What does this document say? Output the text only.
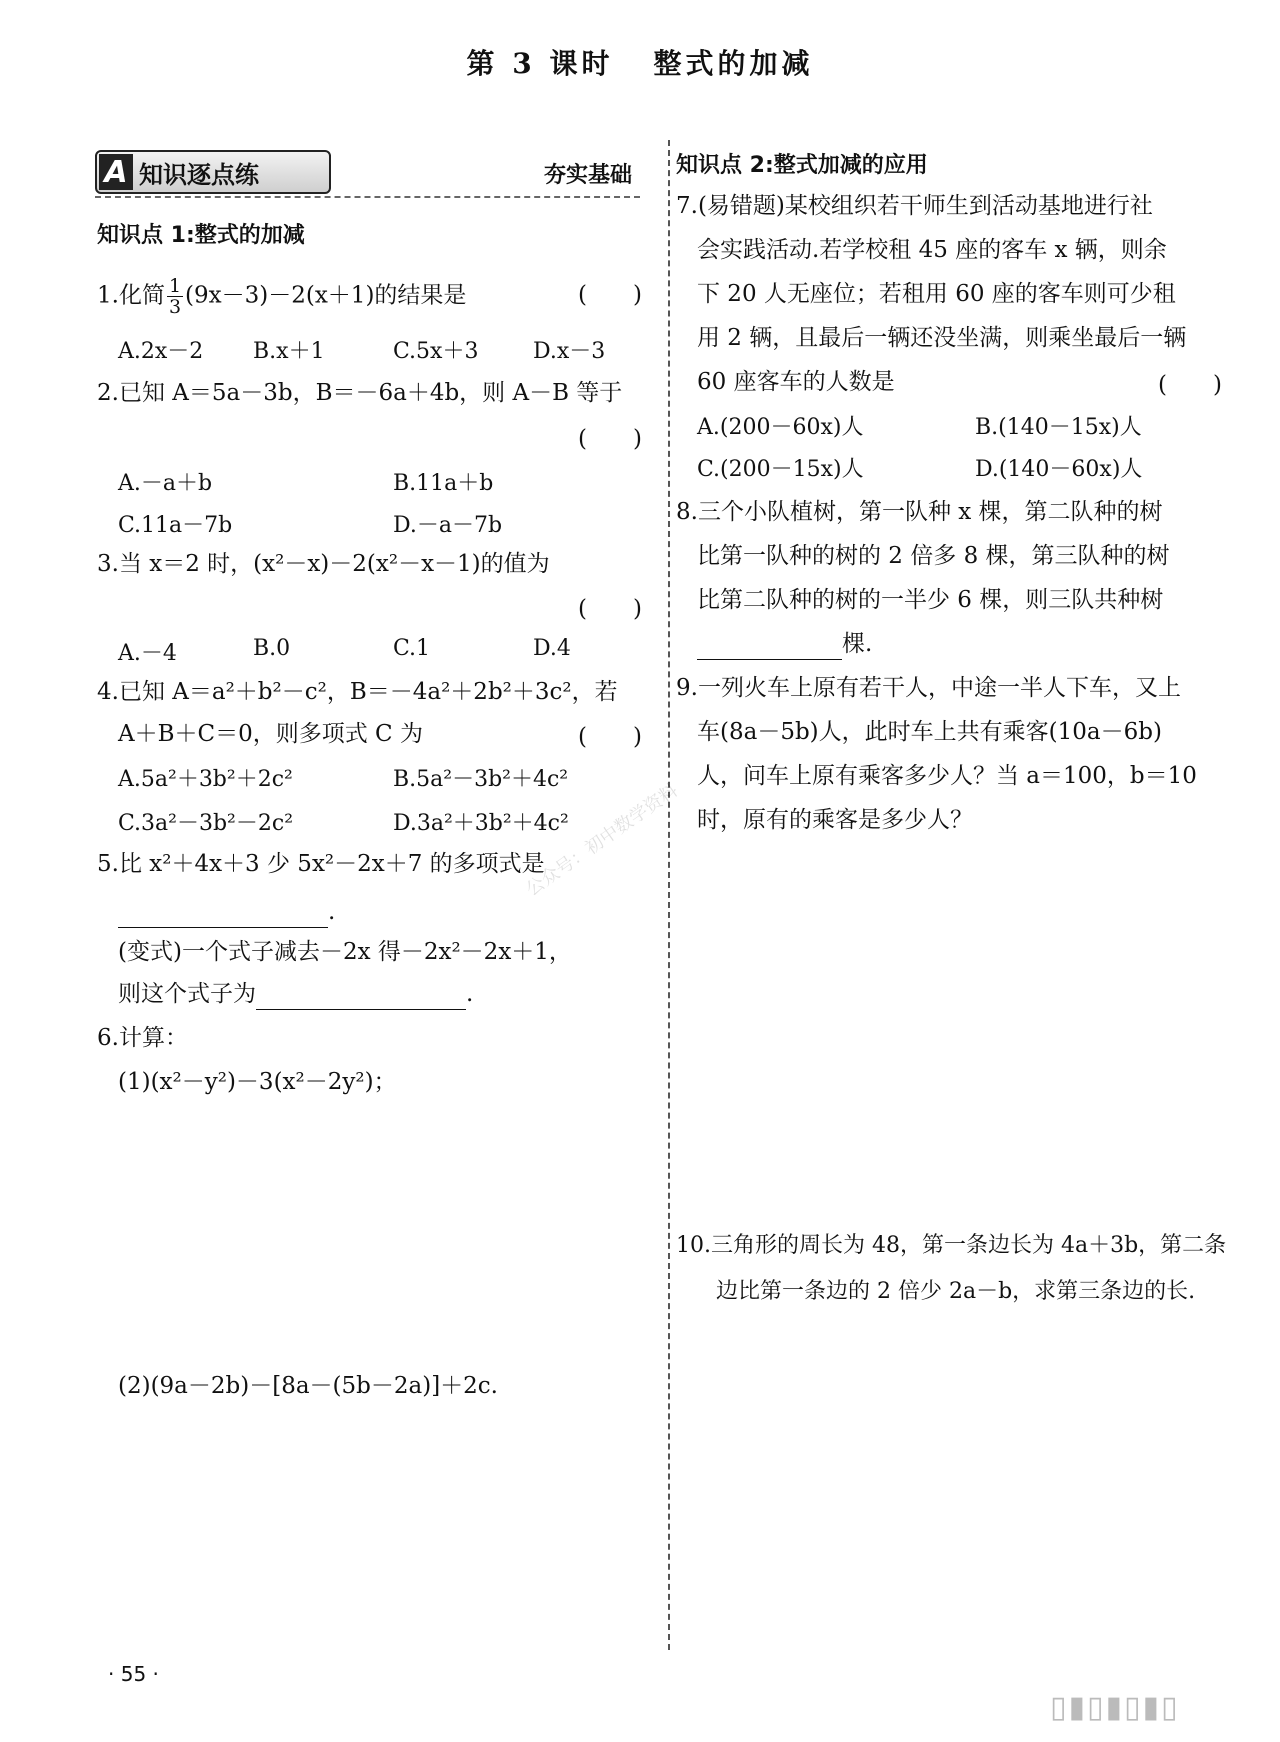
第 3 课时 整式的加减
A 知识逐点练	夯实基础
知识点 1:整式的加减
1.化简 $\frac{1}{3} (9x-3)-2(x+1)$的结果是	(　　)
A.2x－2 B.x＋1	C.5x＋3 D.x－3
2.已知 A＝5a－3b，B＝－6a＋4b，则 A－B 等于
(　　)
A.－a＋b	B.11a＋b
C.11a－7b	D.－a－7b
3.当 x＝2 时，(x²－x)－2(x²－x－1)的值为
(　　)
A.－4	B.0	C.1	D.4
4.已知 A＝a²＋b²－c²，B＝－4a²＋2b²＋3c²，若
A＋B＋C＝0，则多项式 C 为	(　　)
A.5a²＋3b²＋2c²	B.5a²－3b²＋4c²
C.3a²－3b²－2c²	D.3a²＋3b²＋4c²
5.比 x²＋4x＋3 少 5x²－2x＋7 的多项式是
.
(变式)一个式子减去－2x 得－2x²－2x＋1，
则这个式子为	.
6.计算：
(1)(x²－y²)－3(x²－2y²)；
(2)(9a－2b)－[8a－(5b－2a)]＋2c.
知识点 2:整式加减的应用
7.(易错题)某校组织若干师生到活动基地进行社
会实践活动.若学校租 45 座的客车 x 辆，则余
下 20 人无座位；若租用 60 座的客车则可少租
用 2 辆，且最后一辆还没坐满，则乘坐最后一辆
60 座客车的人数是	(　　)
A.(200－60x)人	B.(140－15x)人
C.(200－15x)人	D.(140－60x)人
8.三个小队植树，第一队种 x 棵，第二队种的树
比第一队种的树的 2 倍多 8 棵，第三队种的树
比第二队种的树的一半少 6 棵，则三队共种树
棵.
9.一列火车上原有若干人，中途一半人下车，又上
车(8a－5b)人，此时车上共有乘客(10a－6b)
人，问车上原有乘客多少人？当 a＝100，b＝10
时，原有的乘客是多少人？
10.三角形的周长为 48，第一条边长为 4a＋3b，第二条
边比第一条边的 2 倍少 2a－b，求第三条边的长.
· 55 ·
▯▮▯▮▯▮▯
公众号：初中数学资料
